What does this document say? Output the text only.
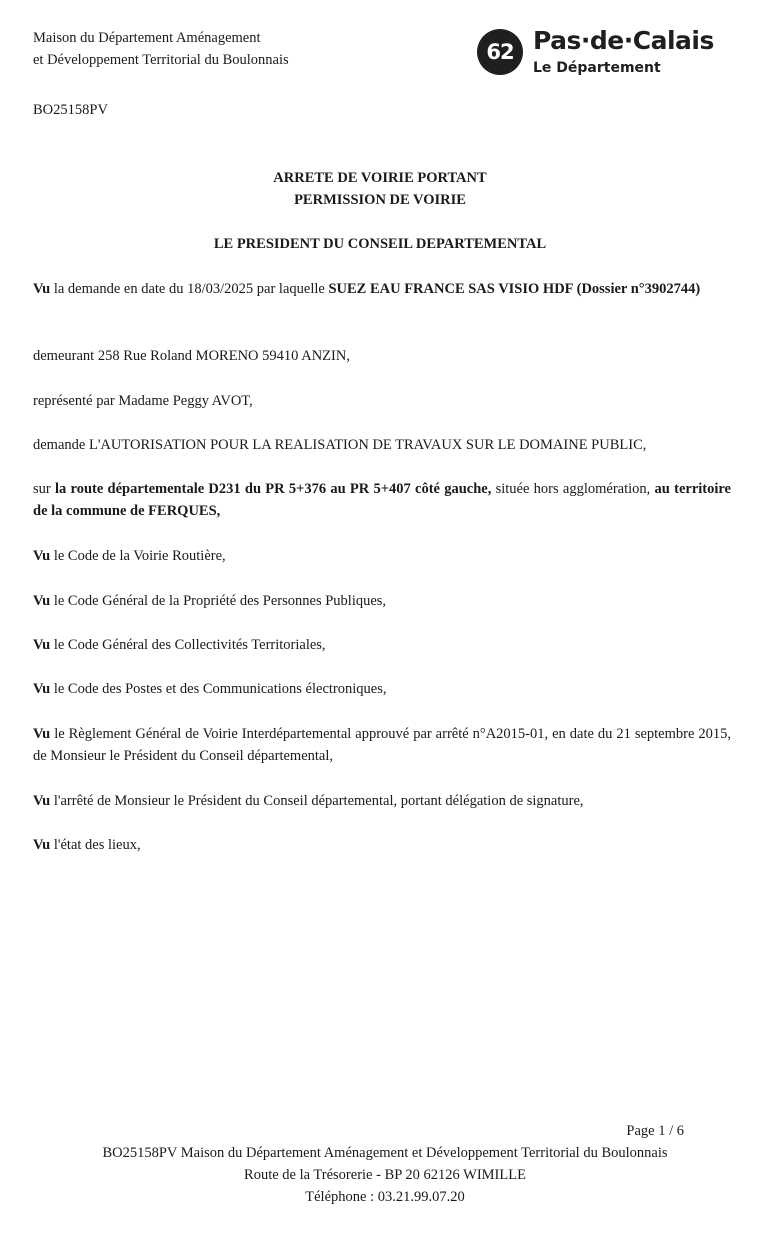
Maison du Département Aménagement
et Développement Territorial du Boulonnais	62 Pas·de·Calais
Le Département
BO25158PV
ARRETE DE VOIRIE PORTANT
PERMISSION DE VOIRIE
LE PRESIDENT DU CONSEIL DEPARTEMENTAL
Vu la demande en date du 18/03/2025 par laquelle SUEZ EAU FRANCE SAS VISIO HDF (Dossier n°3902744)
demeurant 258 Rue Roland MORENO 59410 ANZIN,
représenté par Madame Peggy AVOT,
demande L'AUTORISATION POUR LA REALISATION DE TRAVAUX SUR LE DOMAINE PUBLIC,
sur la route départementale D231 du PR 5+376 au PR 5+407 côté gauche, située hors agglomération, au territoire de la commune de FERQUES,
Vu le Code de la Voirie Routière,
Vu le Code Général de la Propriété des Personnes Publiques,
Vu le Code Général des Collectivités Territoriales,
Vu le Code des Postes et des Communications électroniques,
Vu le Règlement Général de Voirie Interdépartemental approuvé par arrêté n°A2015-01, en date du 21 septembre 2015, de Monsieur le Président du Conseil départemental,
Vu l'arrêté de Monsieur le Président du Conseil départemental, portant délégation de signature,
Vu l'état des lieux,
Page 1 / 6
BO25158PV Maison du Département Aménagement et Développement Territorial du Boulonnais
Route de la Trésorerie - BP 20 62126 WIMILLE
Téléphone : 03.21.99.07.20
